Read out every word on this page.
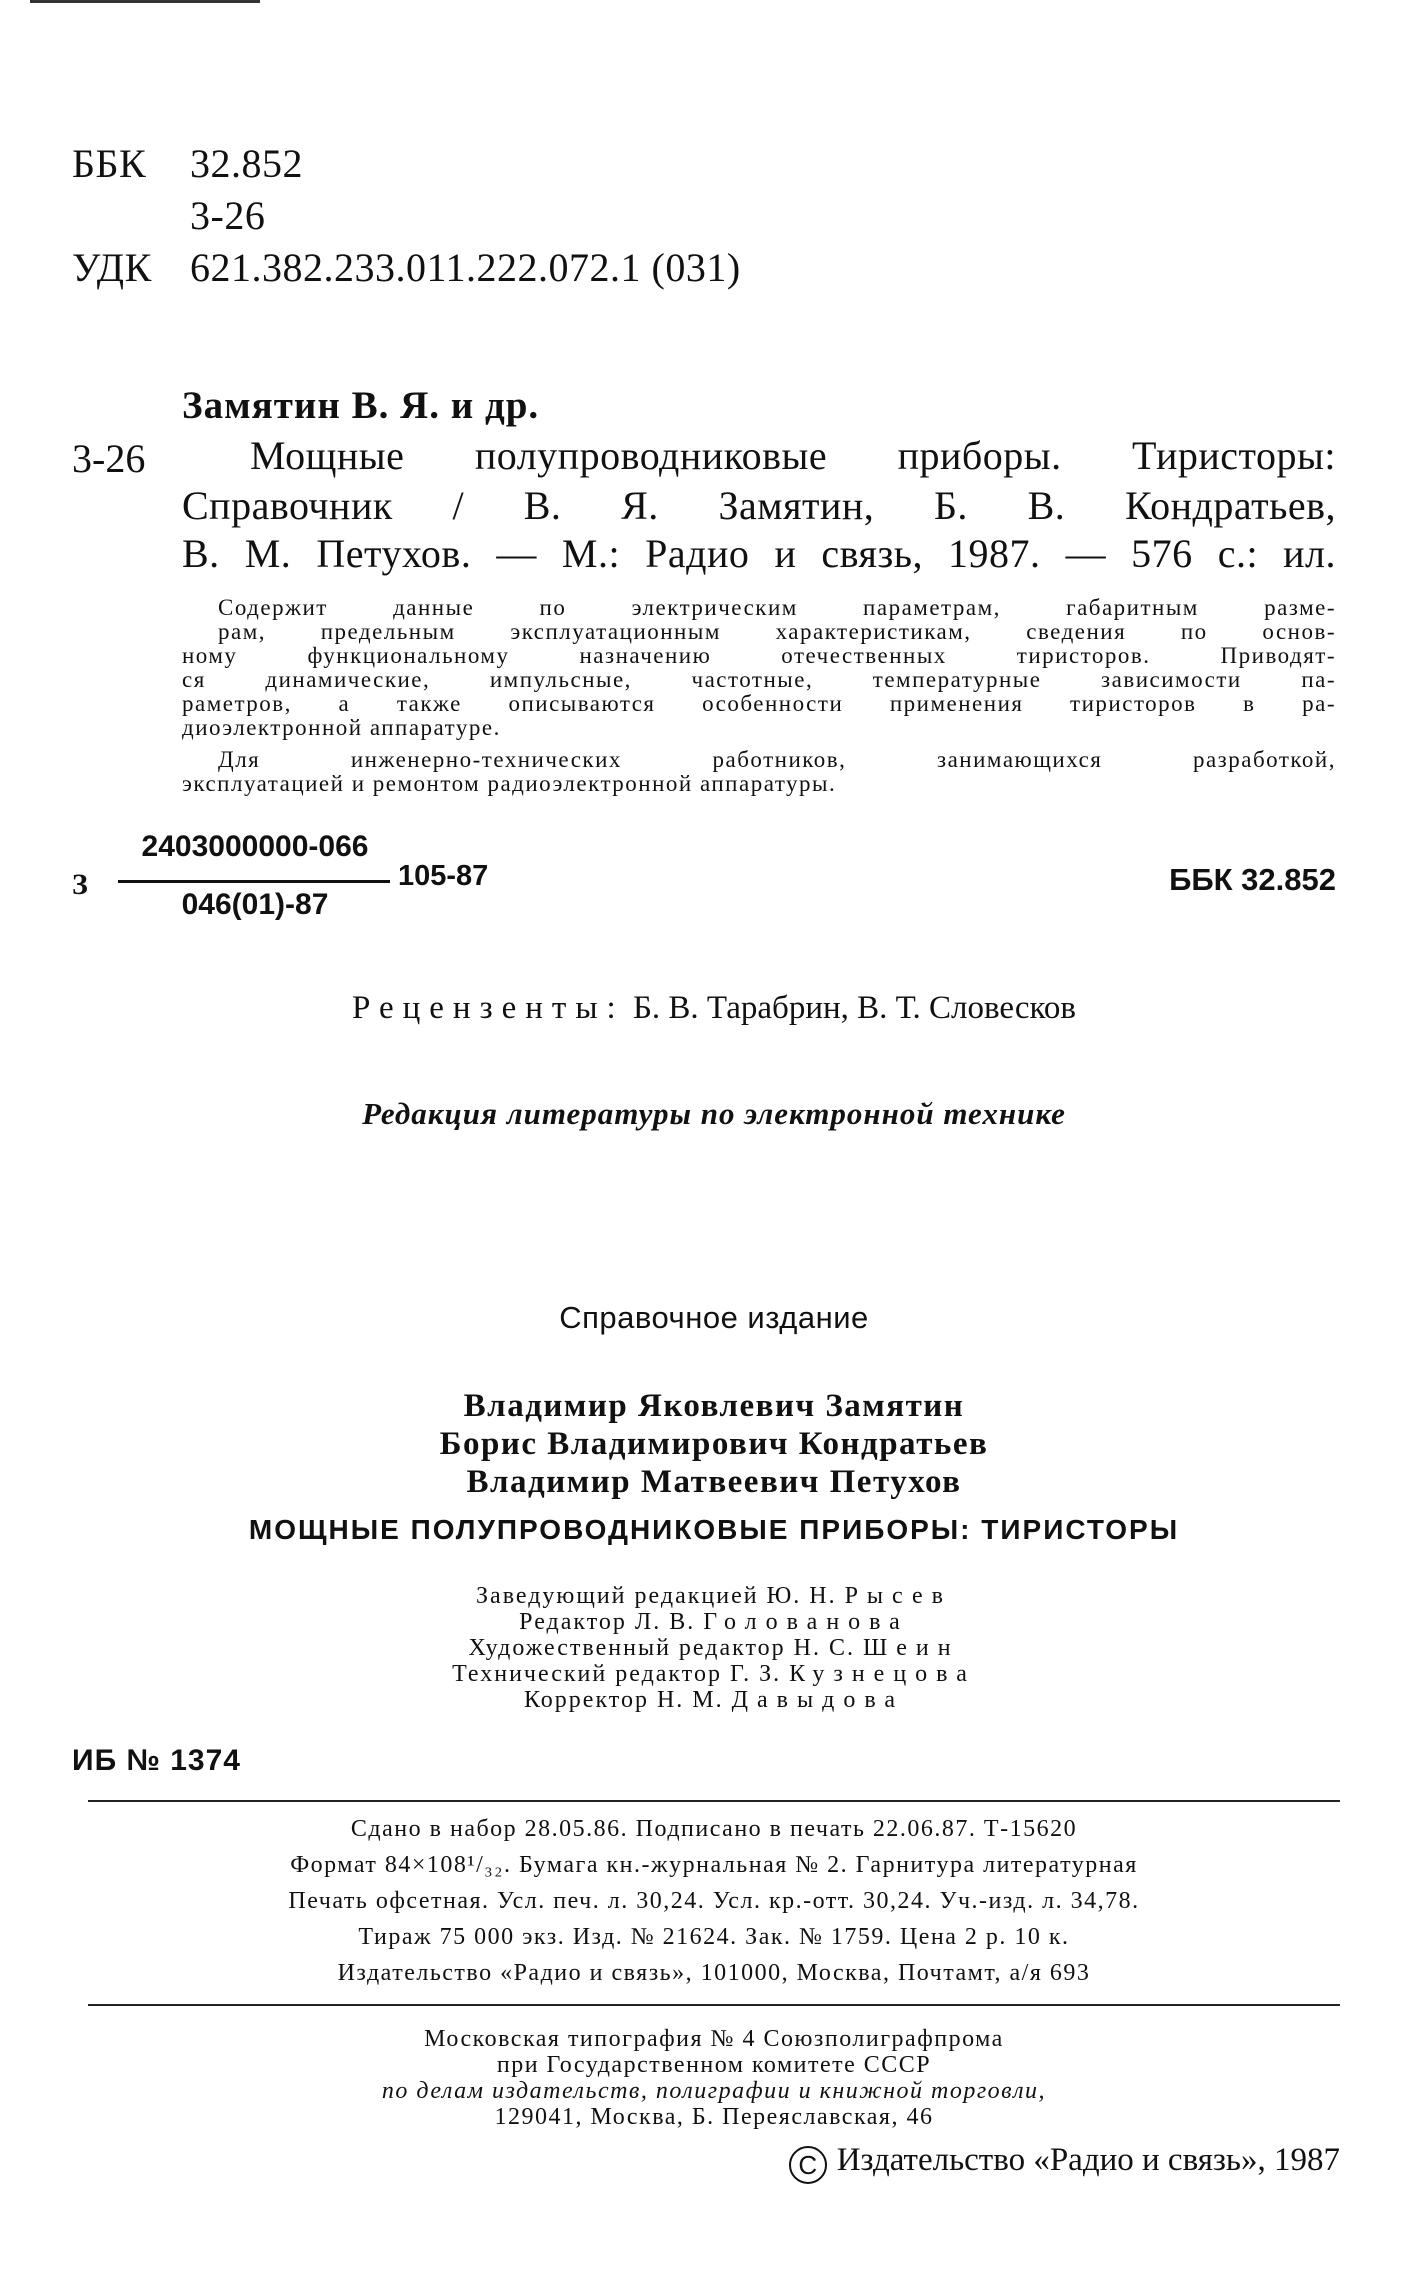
ББК	32.852
3-26
УДК 621.382.233.011.222.072.1 (031)
Замятин В. Я. и др.
3-26	Мощные полупроводниковые приборы. Тиристоры:
Справочник / В. Я. Замятин, Б. В. Кондратьев,
В. М. Петухов. — М.: Радио и связь, 1987. — 576 с.: ил.
Содержит данные по электрическим параметрам, габаритным разме-
рам, предельным эксплуатационным характеристикам, сведения по основ-
ному функциональному назначению отечественных тиристоров. Приводят-
ся динамические, импульсные, частотные, температурные зависимости па-
раметров, а также описываются особенности применения тиристоров в ра-
диоэлектронной аппаратуре.
Для инженерно-технических работников, занимающихся разработкой,
эксплуатацией и ремонтом радиоэлектронной аппаратуры.
З
2403000000-066
046(01)-87
105-87	ББК 32.852
Рецензенты: Б. В. Тарабрин, В. Т. Словесков
Редакция литературы по электронной технике
Справочное издание
Владимир Яковлевич Замятин
Борис Владимирович Кондратьев
Владимир Матвеевич Петухов
МОЩНЫЕ ПОЛУПРОВОДНИКОВЫЕ ПРИБОРЫ: ТИРИСТОРЫ
Заведующий редакцией Ю. Н. Рысев
Редактор Л. В. Голованова
Художественный редактор Н. С. Шеин
Технический редактор Г. З. Кузнецова
Корректор Н. М. Давыдова
ИБ № 1374
Сдано в набор 28.05.86. Подписано в печать 22.06.87. Т-15620
Формат 84×108¹/₃₂. Бумага кн.-журнальная № 2. Гарнитура литературная
Печать офсетная. Усл. печ. л. 30,24. Усл. кр.-отт. 30,24. Уч.-изд. л. 34,78.
Тираж 75 000 экз. Изд. № 21624. Зак. № 1759. Цена 2 р. 10 к.
Издательство «Радио и связь», 101000, Москва, Почтамт, а/я 693
Московская типография № 4 Союзполиграфпрома
при Государственном комитете СССР
по делам издательств, полиграфии и книжной торговли,
129041, Москва, Б. Переяславская, 46
C Издательство «Радио и связь», 1987
